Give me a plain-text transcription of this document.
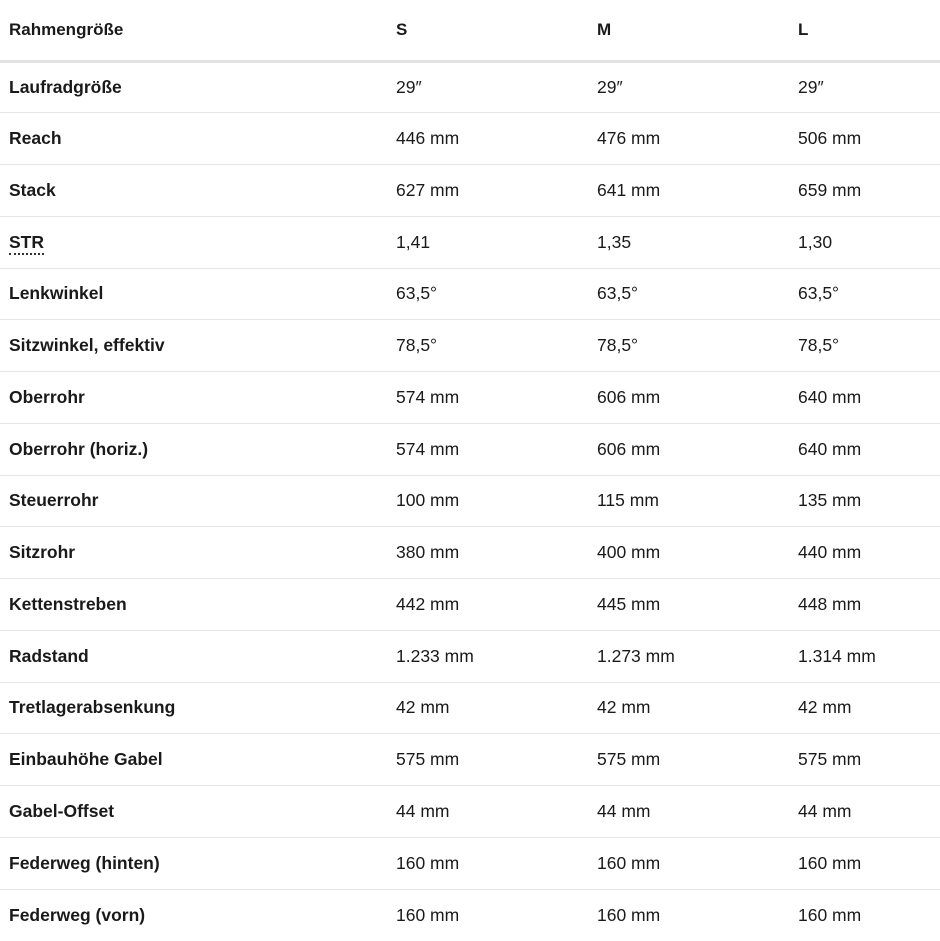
Rahmengröße	S	M	L
Laufradgröße	29″	29″	29″
Reach	446 mm	476 mm	506 mm
Stack	627 mm	641 mm	659 mm
STR	1,41	1,35	1,30
Lenkwinkel	63,5°	63,5°	63,5°
Sitzwinkel, effektiv	78,5°	78,5°	78,5°
Oberrohr	574 mm	606 mm	640 mm
Oberrohr (horiz.)	574 mm	606 mm	640 mm
Steuerrohr	100 mm	115 mm	135 mm
Sitzrohr	380 mm	400 mm	440 mm
Kettenstreben	442 mm	445 mm	448 mm
Radstand	1.233 mm	1.273 mm	1.314 mm
Tretlagerabsenkung	42 mm	42 mm	42 mm
Einbauhöhe Gabel	575 mm	575 mm	575 mm
Gabel-Offset	44 mm	44 mm	44 mm
Federweg (hinten)	160 mm	160 mm	160 mm
Federweg (vorn)	160 mm	160 mm	160 mm
